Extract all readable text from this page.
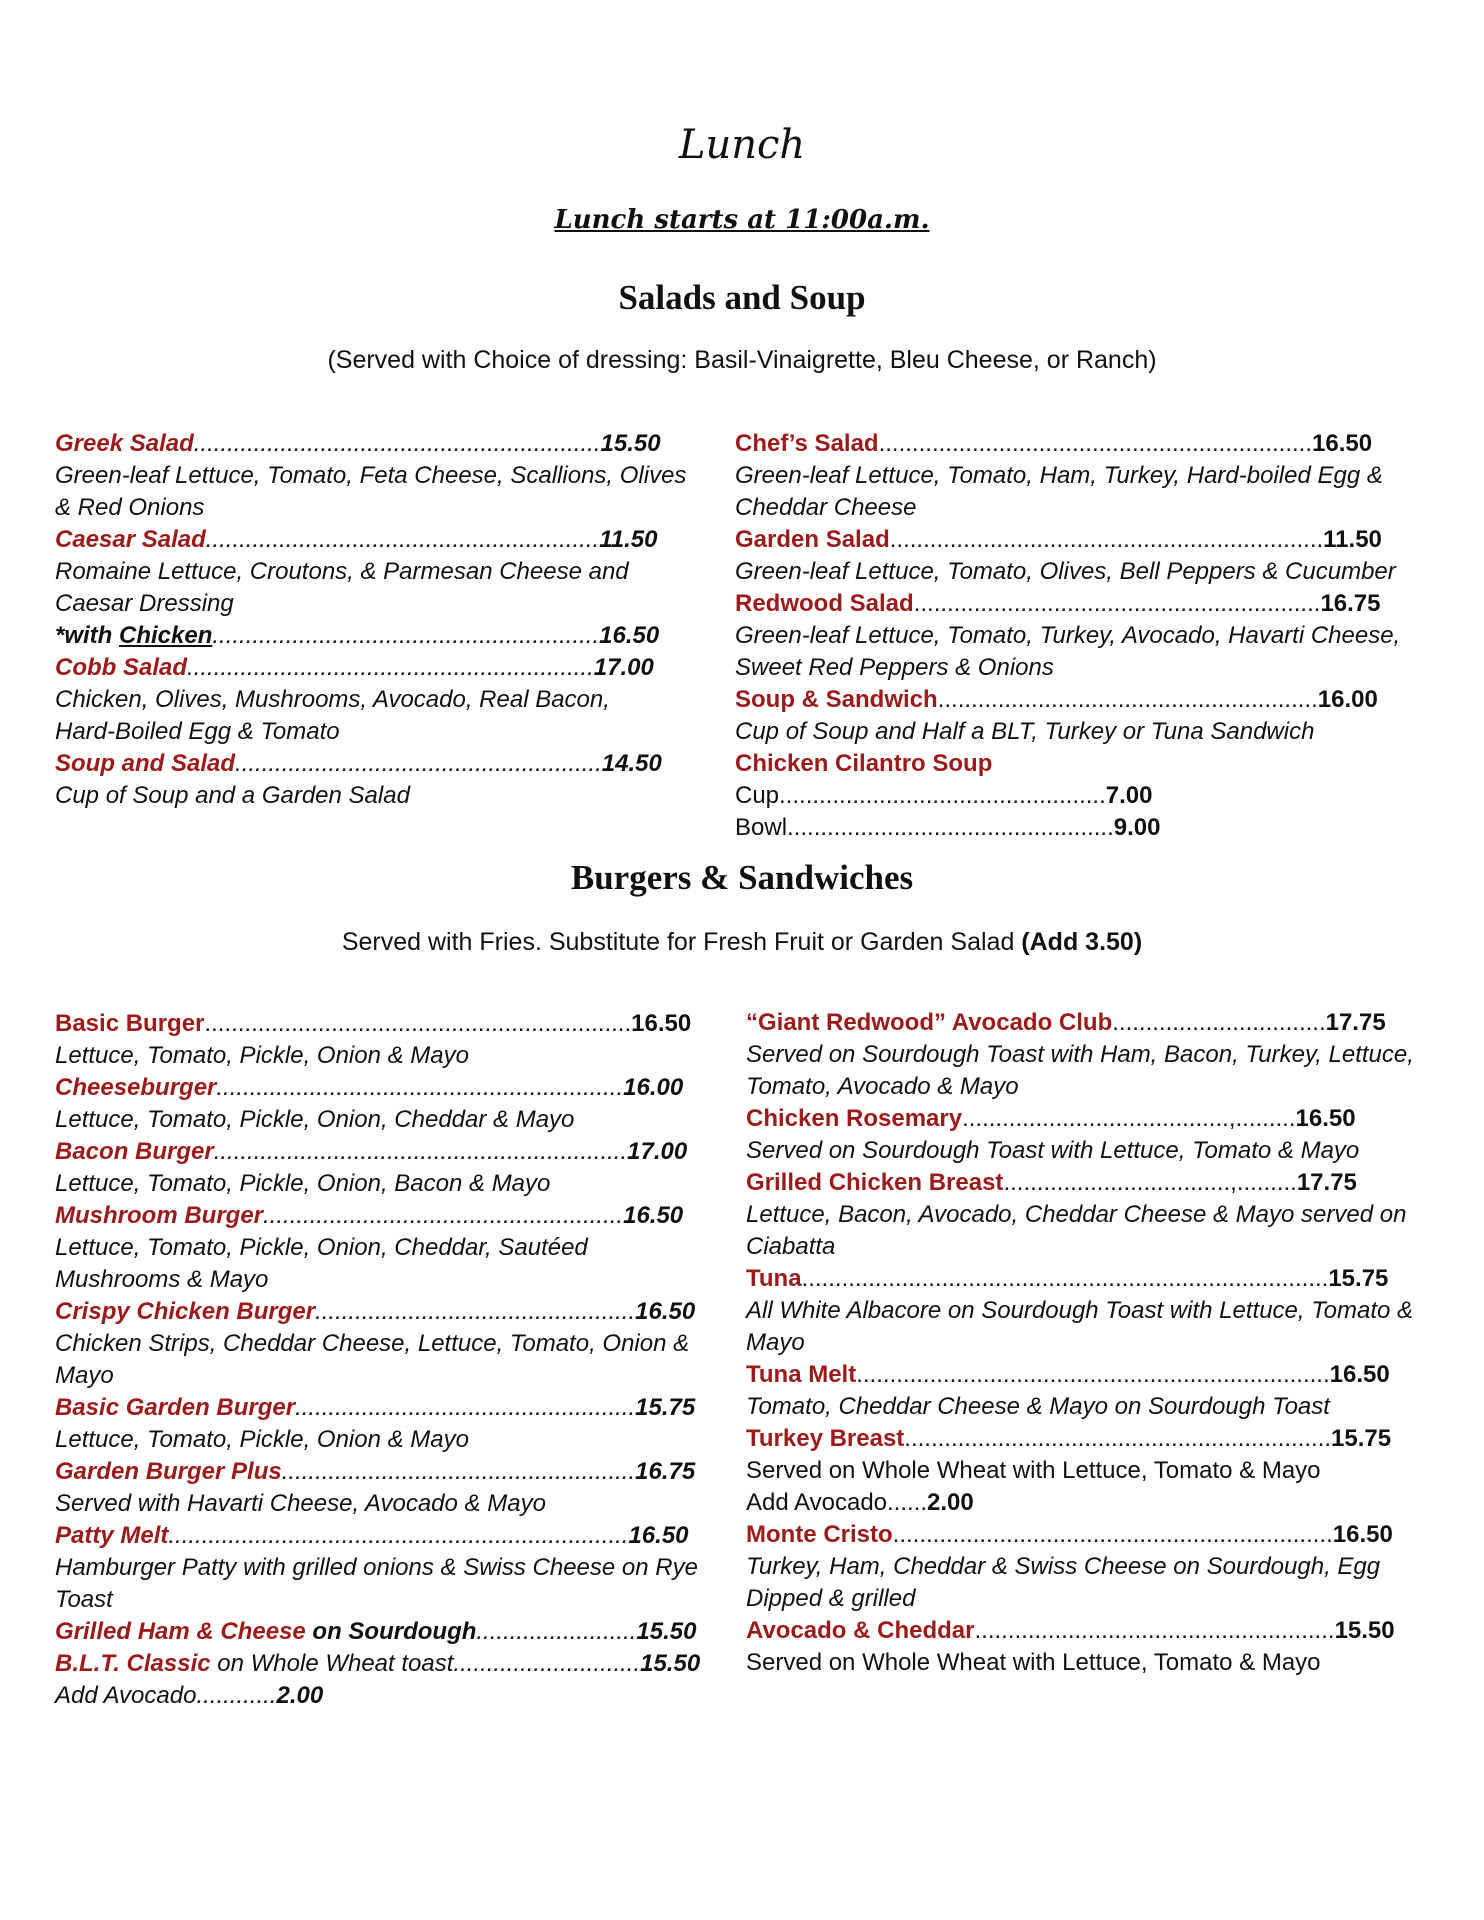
Lunch
Lunch starts at 11:00a.m.
Salads and Soup
(Served with Choice of dressing: Basil-Vinaigrette, Bleu Cheese, or Ranch)
Greek Salad.............................................................15.50
Green-leaf Lettuce, Tomato, Feta Cheese, Scallions, Olives
& Red Onions
Caesar Salad...........................................................11.50
Romaine Lettuce, Croutons, & Parmesan Cheese and
Caesar Dressing
*with Chicken..........................................................16.50
Cobb Salad.............................................................17.00
Chicken, Olives, Mushrooms, Avocado, Real Bacon,
Hard-Boiled Egg & Tomato
Soup and Salad.......................................................14.50
Cup of Soup and a Garden Salad
Chef’s Salad.................................................................16.50
Green-leaf Lettuce, Tomato, Ham, Turkey, Hard-boiled Egg &
Cheddar Cheese
Garden Salad.................................................................11.50
Green-leaf Lettuce, Tomato, Olives, Bell Peppers & Cucumber
Redwood Salad.............................................................16.75
Green-leaf Lettuce, Tomato, Turkey, Avocado, Havarti Cheese,
Sweet Red Peppers & Onions
Soup & Sandwich.........................................................16.00
Cup of Soup and Half a BLT, Turkey or Tuna Sandwich
Chicken Cilantro Soup
Cup.................................................7.00
Bowl.................................................9.00
Burgers & Sandwiches
Served with Fries. Substitute for Fresh Fruit or Garden Salad (Add 3.50)
Basic Burger................................................................16.50
Lettuce, Tomato, Pickle, Onion & Mayo
Cheeseburger.............................................................16.00
Lettuce, Tomato, Pickle, Onion, Cheddar & Mayo
Bacon Burger..............................................................17.00
Lettuce, Tomato, Pickle, Onion, Bacon & Mayo
Mushroom Burger......................................................16.50
Lettuce, Tomato, Pickle, Onion, Cheddar, Sautéed
Mushrooms & Mayo
Crispy Chicken Burger................................................16.50
Chicken Strips, Cheddar Cheese, Lettuce, Tomato, Onion &
Mayo
Basic Garden Burger...................................................15.75
Lettuce, Tomato, Pickle, Onion & Mayo
Garden Burger Plus.....................................................16.75
Served with Havarti Cheese, Avocado & Mayo
Patty Melt.....................................................................16.50
Hamburger Patty with grilled onions & Swiss Cheese on Rye
Toast
Grilled Ham & Cheese on Sourdough........................15.50
B.L.T. Classic on Whole Wheat toast............................15.50
Add Avocado............2.00
“Giant Redwood” Avocado Club................................17.75
Served on Sourdough Toast with Ham, Bacon, Turkey, Lettuce,
Tomato, Avocado & Mayo
Chicken Rosemary........................................,.........16.50
Served on Sourdough Toast with Lettuce, Tomato & Mayo
Grilled Chicken Breast..................................,.........17.75
Lettuce, Bacon, Avocado, Cheddar Cheese & Mayo served on
Ciabatta
Tuna...............................................................................15.75
All White Albacore on Sourdough Toast with Lettuce, Tomato &
Mayo
Tuna Melt.......................................................................16.50
Tomato, Cheddar Cheese & Mayo on Sourdough Toast
Turkey Breast................................................................15.75
Served on Whole Wheat with Lettuce, Tomato & Mayo
Add Avocado......2.00
Monte Cristo..................................................................16.50
Turkey, Ham, Cheddar & Swiss Cheese on Sourdough, Egg
Dipped & grilled
Avocado & Cheddar......................................................15.50
Served on Whole Wheat with Lettuce, Tomato & Mayo
